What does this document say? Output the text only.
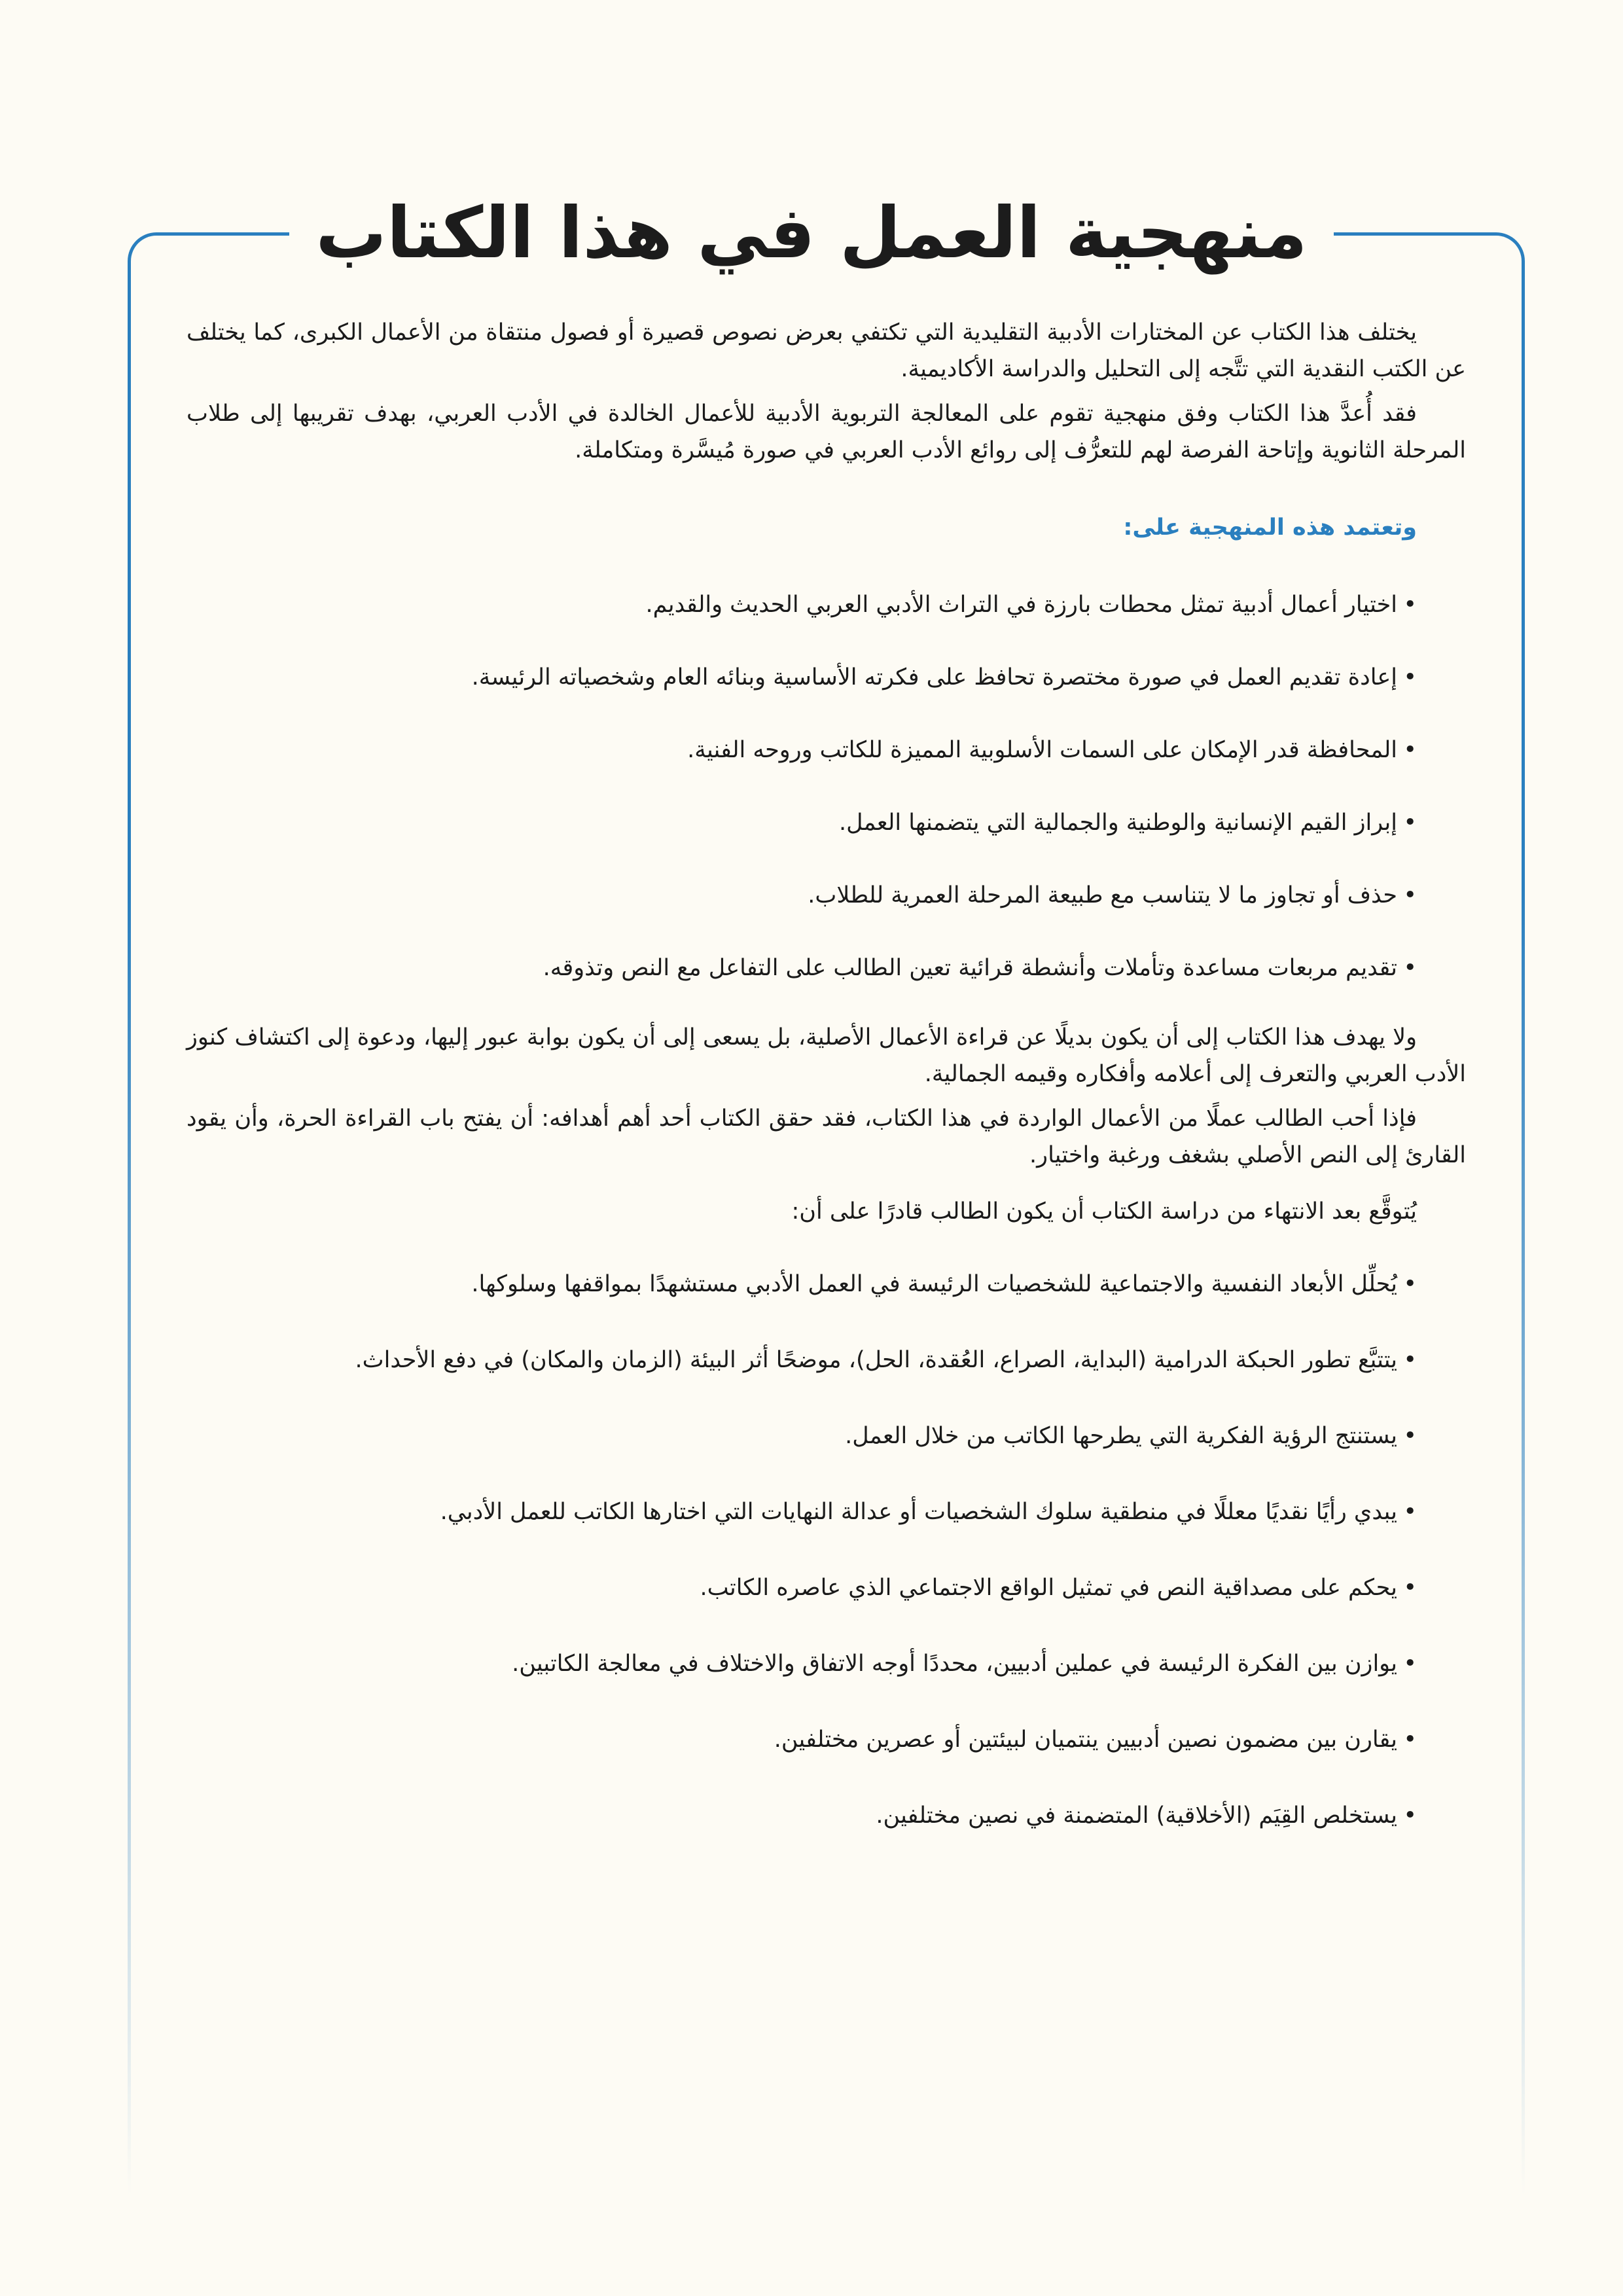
منهجية العمل في هذا الكتاب

يختلف هذا الكتاب عن المختارات الأدبية التقليدية التي تكتفي بعرض نصوص قصيرة أو فصول منتقاة من الأعمال الكبرى، كما يختلف عن الكتب النقدية التي تتَّجه إلى التحليل والدراسة الأكاديمية.

فقد أُعدَّ هذا الكتاب وفق منهجية تقوم على المعالجة التربوية الأدبية للأعمال الخالدة في الأدب العربي، بهدف تقريبها إلى طلاب المرحلة الثانوية وإتاحة الفرصة لهم للتعرُّف إلى روائع الأدب العربي في صورة مُيسَّرة ومتكاملة.

وتعتمد هذه المنهجية على:

• اختيار أعمال أدبية تمثل محطات بارزة في التراث الأدبي العربي الحديث والقديم.
• إعادة تقديم العمل في صورة مختصرة تحافظ على فكرته الأساسية وبنائه العام وشخصياته الرئيسة.
• المحافظة قدر الإمكان على السمات الأسلوبية المميزة للكاتب وروحه الفنية.
• إبراز القيم الإنسانية والوطنية والجمالية التي يتضمنها العمل.
• حذف أو تجاوز ما لا يتناسب مع طبيعة المرحلة العمرية للطلاب.
• تقديم مربعات مساعدة وتأملات وأنشطة قرائية تعين الطالب على التفاعل مع النص وتذوقه.

ولا يهدف هذا الكتاب إلى أن يكون بديلًا عن قراءة الأعمال الأصلية، بل يسعى إلى أن يكون بوابة عبور إليها، ودعوة إلى اكتشاف كنوز الأدب العربي والتعرف إلى أعلامه وأفكاره وقيمه الجمالية.

فإذا أحب الطالب عملًا من الأعمال الواردة في هذا الكتاب، فقد حقق الكتاب أحد أهم أهدافه: أن يفتح باب القراءة الحرة، وأن يقود القارئ إلى النص الأصلي بشغف ورغبة واختيار.

يُتوقَّع بعد الانتهاء من دراسة الكتاب أن يكون الطالب قادرًا على أن:

• يُحلِّل الأبعاد النفسية والاجتماعية للشخصيات الرئيسة في العمل الأدبي مستشهدًا بمواقفها وسلوكها.
• يتتبَّع تطور الحبكة الدرامية (البداية، الصراع، العُقدة، الحل)، موضحًا أثر البيئة (الزمان والمكان) في دفع الأحداث.
• يستنتج الرؤية الفكرية التي يطرحها الكاتب من خلال العمل.
• يبدي رأيًا نقديًا معللًا في منطقية سلوك الشخصيات أو عدالة النهايات التي اختارها الكاتب للعمل الأدبي.
• يحكم على مصداقية النص في تمثيل الواقع الاجتماعي الذي عاصره الكاتب.
• يوازن بين الفكرة الرئيسة في عملين أدبيين، محددًا أوجه الاتفاق والاختلاف في معالجة الكاتبين.
• يقارن بين مضمون نصين أدبيين ينتميان لبيئتين أو عصرين مختلفين.
• يستخلص القِيَم (الأخلاقية) المتضمنة في نصين مختلفين.
